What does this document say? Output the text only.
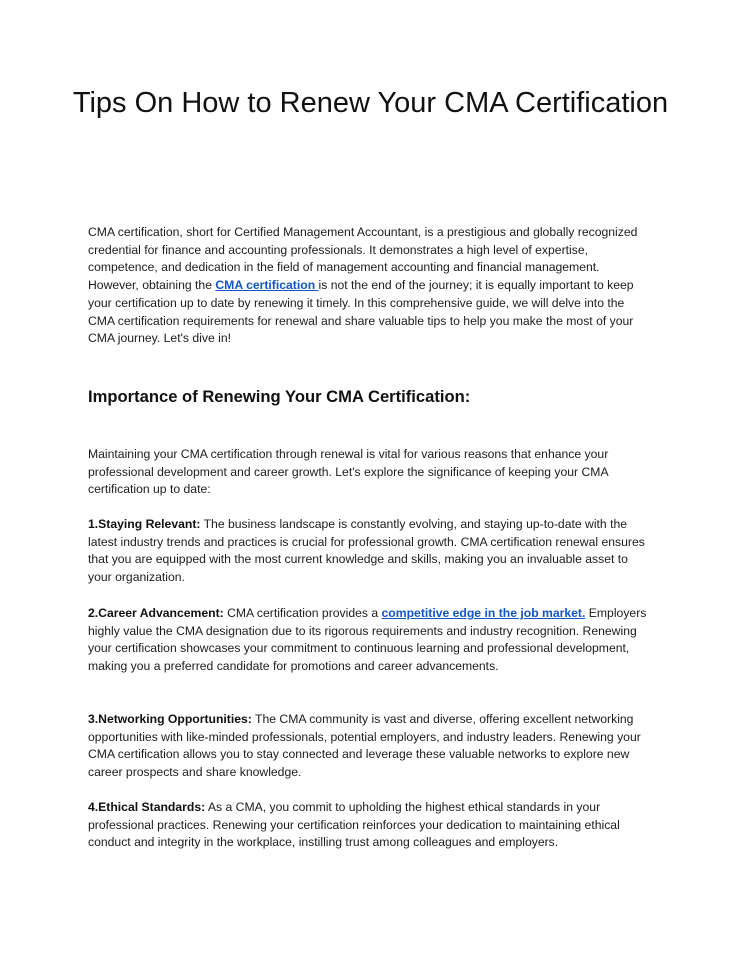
Tips On How to Renew Your CMA Certification

CMA certification, short for Certified Management Accountant, is a prestigious and globally recognized credential for finance and accounting professionals. It demonstrates a high level of expertise, competence, and dedication in the field of management accounting and financial management. However, obtaining the CMA certification is not the end of the journey; it is equally important to keep your certification up to date by renewing it timely. In this comprehensive guide, we will delve into the CMA certification requirements for renewal and share valuable tips to help you make the most of your CMA journey. Let's dive in!

Importance of Renewing Your CMA Certification:

Maintaining your CMA certification through renewal is vital for various reasons that enhance your professional development and career growth. Let's explore the significance of keeping your CMA certification up to date:

1.Staying Relevant: The business landscape is constantly evolving, and staying up-to-date with the latest industry trends and practices is crucial for professional growth. CMA certification renewal ensures that you are equipped with the most current knowledge and skills, making you an invaluable asset to your organization.

2.Career Advancement: CMA certification provides a competitive edge in the job market. Employers highly value the CMA designation due to its rigorous requirements and industry recognition. Renewing your certification showcases your commitment to continuous learning and professional development, making you a preferred candidate for promotions and career advancements.

3.Networking Opportunities: The CMA community is vast and diverse, offering excellent networking opportunities with like-minded professionals, potential employers, and industry leaders. Renewing your CMA certification allows you to stay connected and leverage these valuable networks to explore new career prospects and share knowledge.

4.Ethical Standards: As a CMA, you commit to upholding the highest ethical standards in your professional practices. Renewing your certification reinforces your dedication to maintaining ethical conduct and integrity in the workplace, instilling trust among colleagues and employers.
